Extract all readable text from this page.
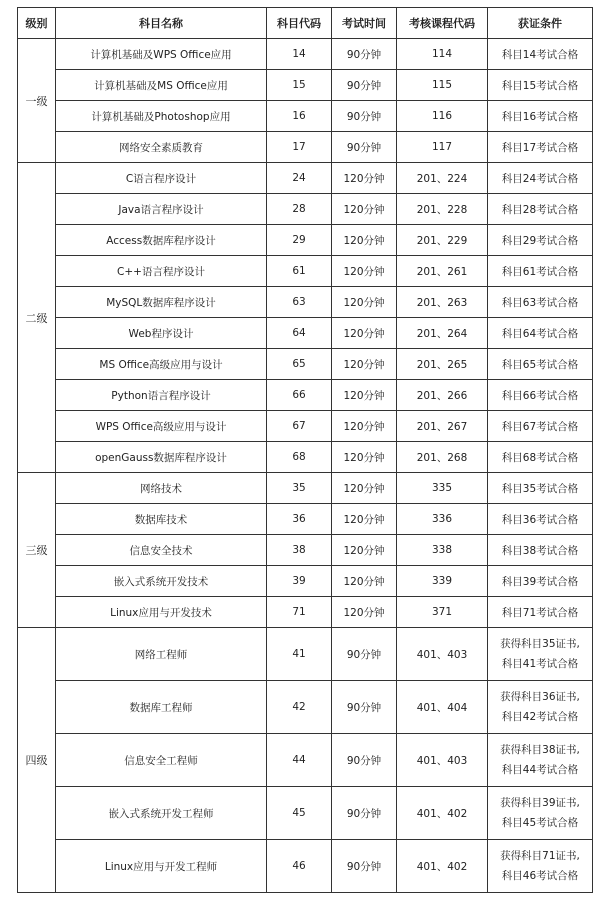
级别	科目名称	科目代码	考试时间	考核课程代码	获证条件
一级	计算机基础及WPS Office应用	14	90分钟	114	科目14考试合格

	计算机基础及MS Office应用	15	90分钟	115	科目15考试合格

	计算机基础及Photoshop应用	16	90分钟	116	科目16考试合格

	网络安全素质教育	17	90分钟	117	科目17考试合格

二级	C语言程序设计	24	120分钟	201、224	科目24考试合格

	Java语言程序设计	28	120分钟	201、228	科目28考试合格

	Access数据库程序设计	29	120分钟	201、229	科目29考试合格

	C++语言程序设计	61	120分钟	201、261	科目61考试合格

	MySQL数据库程序设计	63	120分钟	201、263	科目63考试合格

	Web程序设计	64	120分钟	201、264	科目64考试合格

	MS Office高级应用与设计	65	120分钟	201、265	科目65考试合格

	Python语言程序设计	66	120分钟	201、266	科目66考试合格

	WPS Office高级应用与设计	67	120分钟	201、267	科目67考试合格

	openGauss数据库程序设计	68	120分钟	201、268	科目68考试合格

三级	网络技术	35	120分钟	335	科目35考试合格

	数据库技术	36	120分钟	336	科目36考试合格

	信息安全技术	38	120分钟	338	科目38考试合格

	嵌入式系统开发技术	39	120分钟	339	科目39考试合格

	Linux应用与开发技术	71	120分钟	371	科目71考试合格

四级	网络工程师	41	90分钟	401、403	获得科目35证书,
科目41考试合格

	数据库工程师	42	90分钟	401、404	获得科目36证书,
科目42考试合格

	信息安全工程师	44	90分钟	401、403	获得科目38证书,
科目44考试合格

	嵌入式系统开发工程师	45	90分钟	401、402	获得科目39证书,
科目45考试合格

	Linux应用与开发工程师	46	90分钟	401、402	获得科目71证书,
科目46考试合格
